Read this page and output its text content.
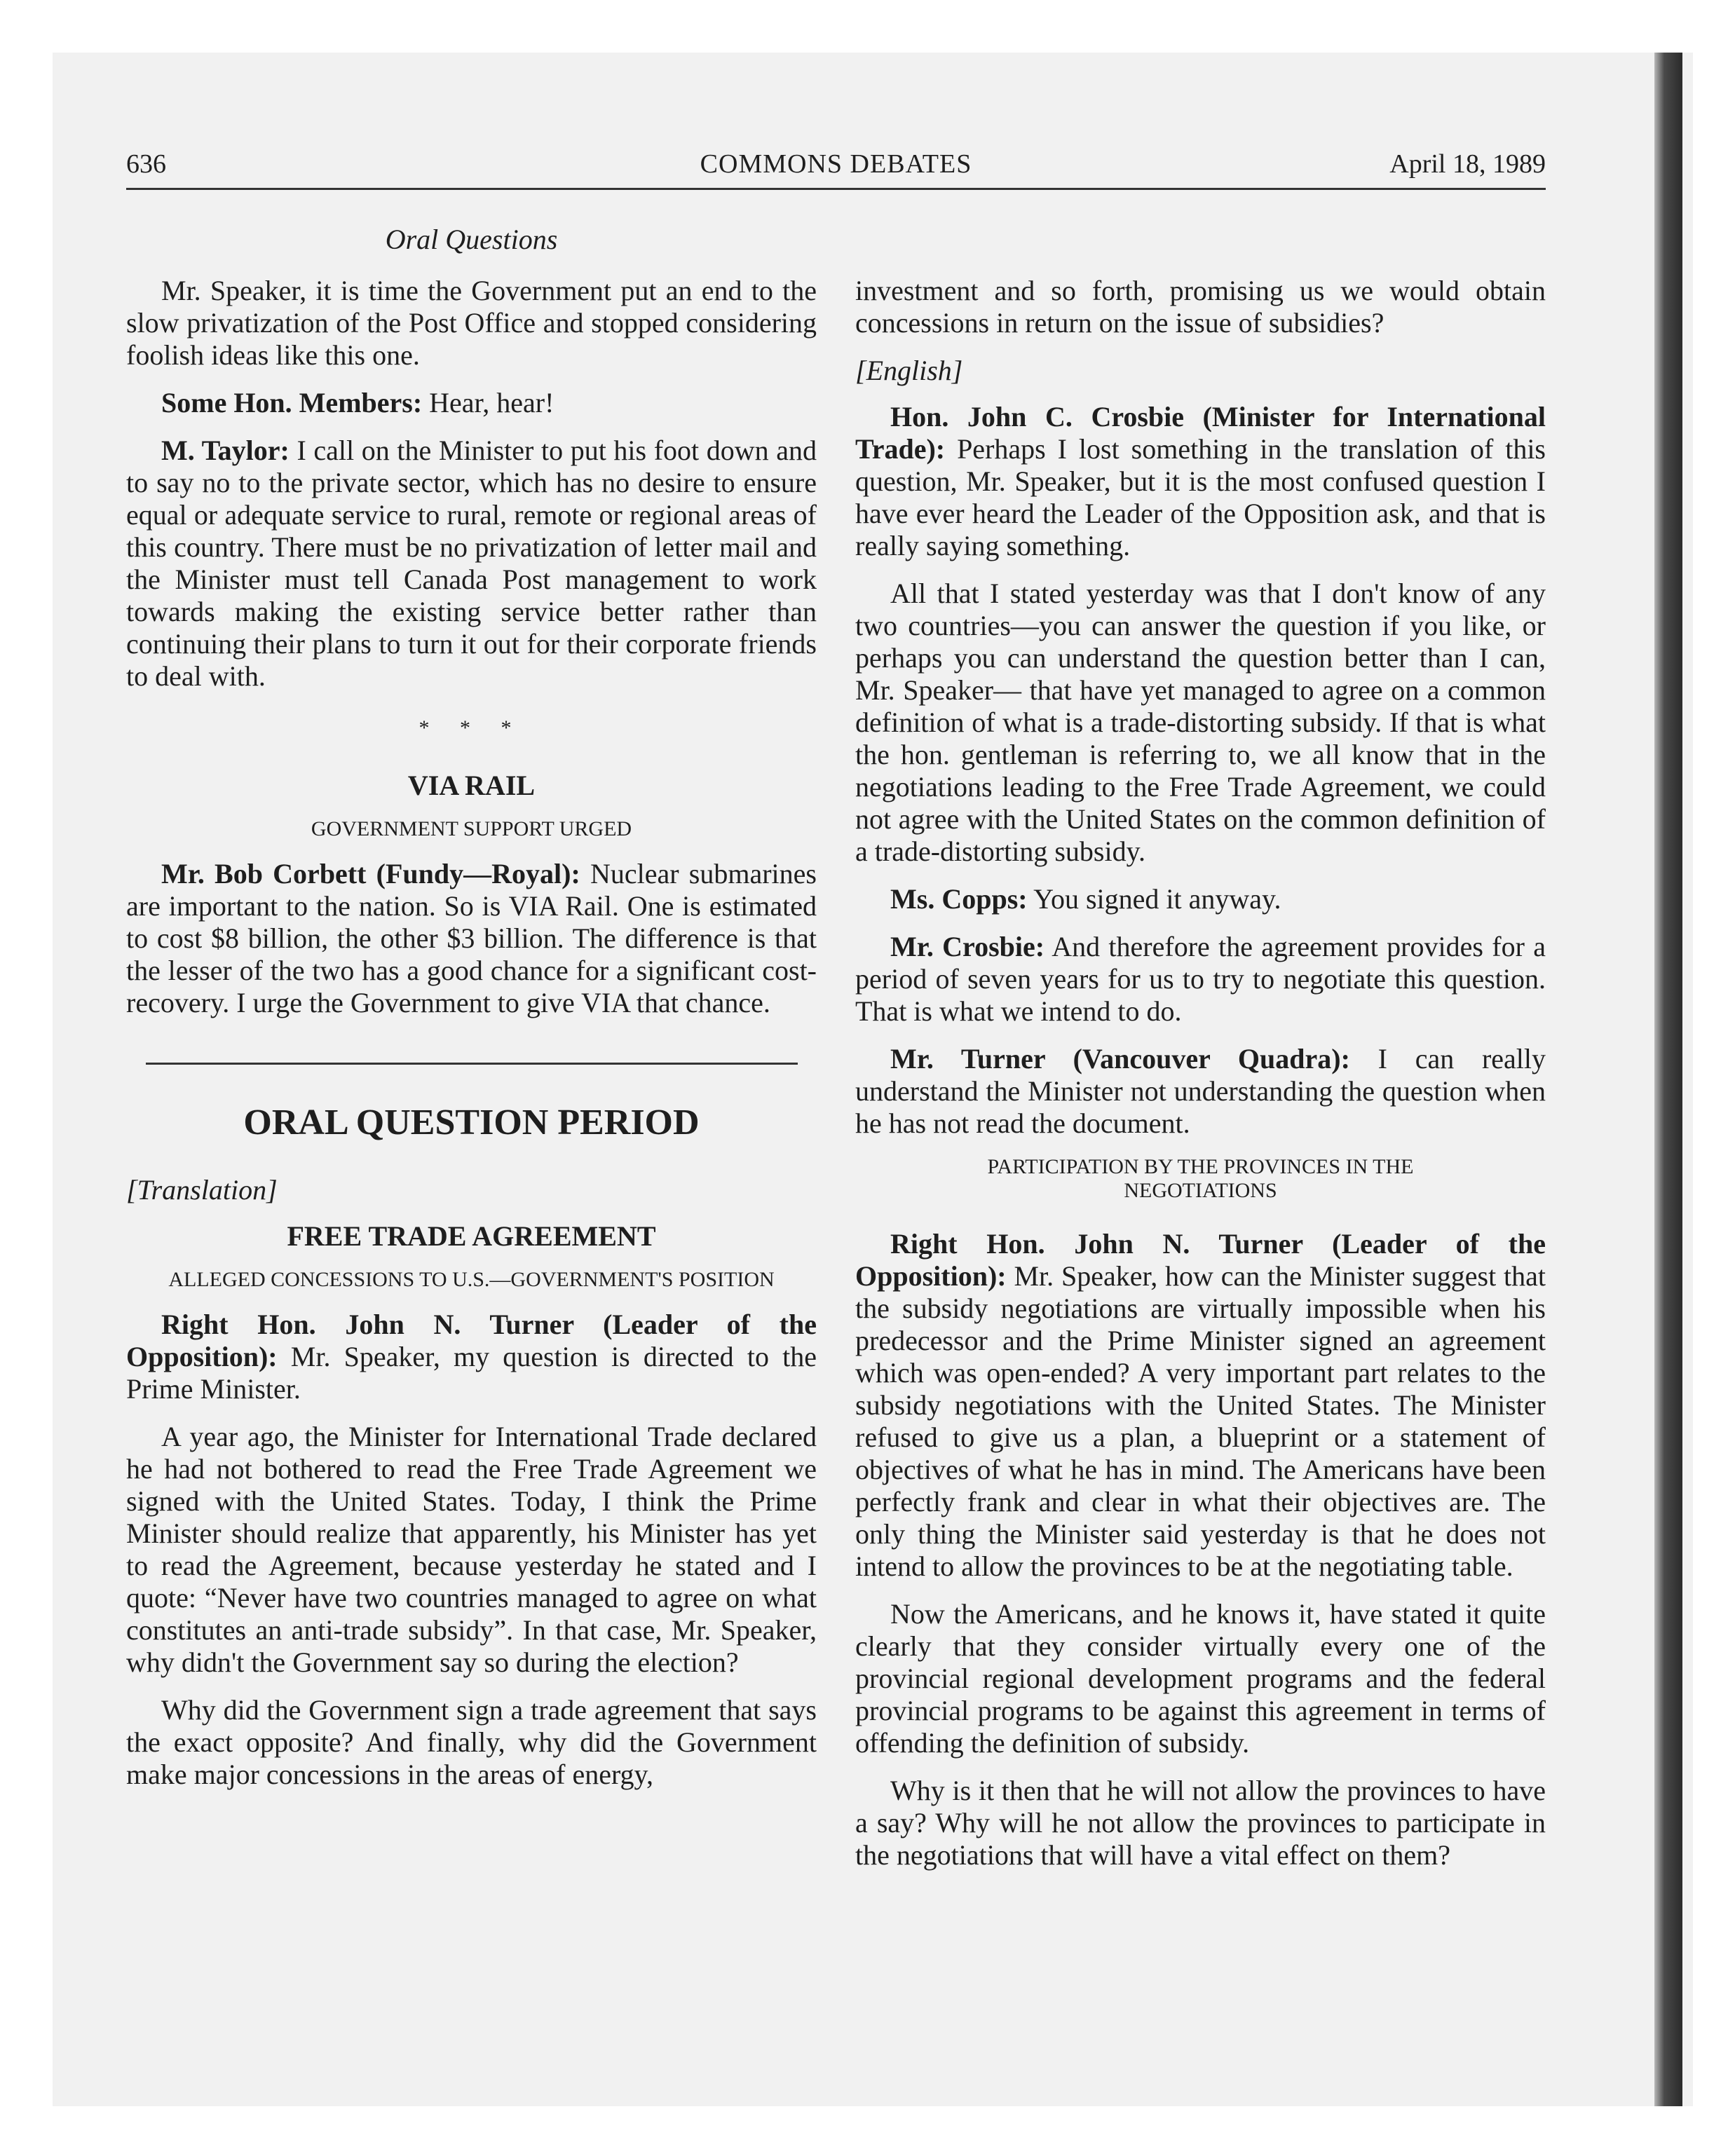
636	COMMONS DEBATES	April 18, 1989
Oral Questions

Mr. Speaker, it is time the Government put an end to the slow privatization of the Post Office and stopped considering foolish ideas like this one.

Some Hon. Members: Hear, hear!

M. Taylor: I call on the Minister to put his foot down and to say no to the private sector, which has no desire to ensure equal or adequate service to rural, remote or regional areas of this country. There must be no privatization of letter mail and the Minister must tell Canada Post management to work towards making the existing service better rather than continuing their plans to turn it out for their corporate friends to deal with.

* * *
VIA RAIL
GOVERNMENT SUPPORT URGED

Mr. Bob Corbett (Fundy—Royal): Nuclear submarines are important to the nation. So is VIA Rail. One is estimated to cost $8 billion, the other $3 billion. The difference is that the lesser of the two has a good chance for a significant cost-recovery. I urge the Government to give VIA that chance.

ORAL QUESTION PERIOD

[Translation]

FREE TRADE AGREEMENT
ALLEGED CONCESSIONS TO U.S.—GOVERNMENT'S POSITION

Right Hon. John N. Turner (Leader of the Opposition): Mr. Speaker, my question is directed to the Prime Minister.

A year ago, the Minister for International Trade declared he had not bothered to read the Free Trade Agreement we signed with the United States. Today, I think the Prime Minister should realize that apparently, his Minister has yet to read the Agreement, because yesterday he stated and I quote: “Never have two countries managed to agree on what constitutes an anti-trade subsidy”. In that case, Mr. Speaker, why didn't the Government say so during the election?

Why did the Government sign a trade agreement that says the exact opposite? And finally, why did the Government make major concessions in the areas of energy,

investment and so forth, promising us we would obtain concessions in return on the issue of subsidies?

[English]

Hon. John C. Crosbie (Minister for International Trade): Perhaps I lost something in the translation of this question, Mr. Speaker, but it is the most confused question I have ever heard the Leader of the Opposition ask, and that is really saying something.

All that I stated yesterday was that I don't know of any two countries—you can answer the question if you like, or perhaps you can understand the question better than I can, Mr. Speaker— that have yet managed to agree on a common definition of what is a trade-distorting subsidy. If that is what the hon. gentleman is referring to, we all know that in the negotiations leading to the Free Trade Agreement, we could not agree with the United States on the common definition of a trade-distorting subsidy.

Ms. Copps: You signed it anyway.

Mr. Crosbie: And therefore the agreement provides for a period of seven years for us to try to negotiate this question. That is what we intend to do.

Mr. Turner (Vancouver Quadra): I can really understand the Minister not understanding the question when he has not read the document.

PARTICIPATION BY THE PROVINCES IN THE NEGOTIATIONS

Right Hon. John N. Turner (Leader of the Opposition): Mr. Speaker, how can the Minister suggest that the subsidy negotiations are virtually impossible when his predecessor and the Prime Minister signed an agreement which was open-ended? A very important part relates to the subsidy negotiations with the United States. The Minister refused to give us a plan, a blueprint or a statement of objectives of what he has in mind. The Americans have been perfectly frank and clear in what their objectives are. The only thing the Minister said yesterday is that he does not intend to allow the provinces to be at the negotiating table.

Now the Americans, and he knows it, have stated it quite clearly that they consider virtually every one of the provincial regional development programs and the federal provincial programs to be against this agreement in terms of offending the definition of subsidy.

Why is it then that he will not allow the provinces to have a say? Why will he not allow the provinces to participate in the negotiations that will have a vital effect on them?
